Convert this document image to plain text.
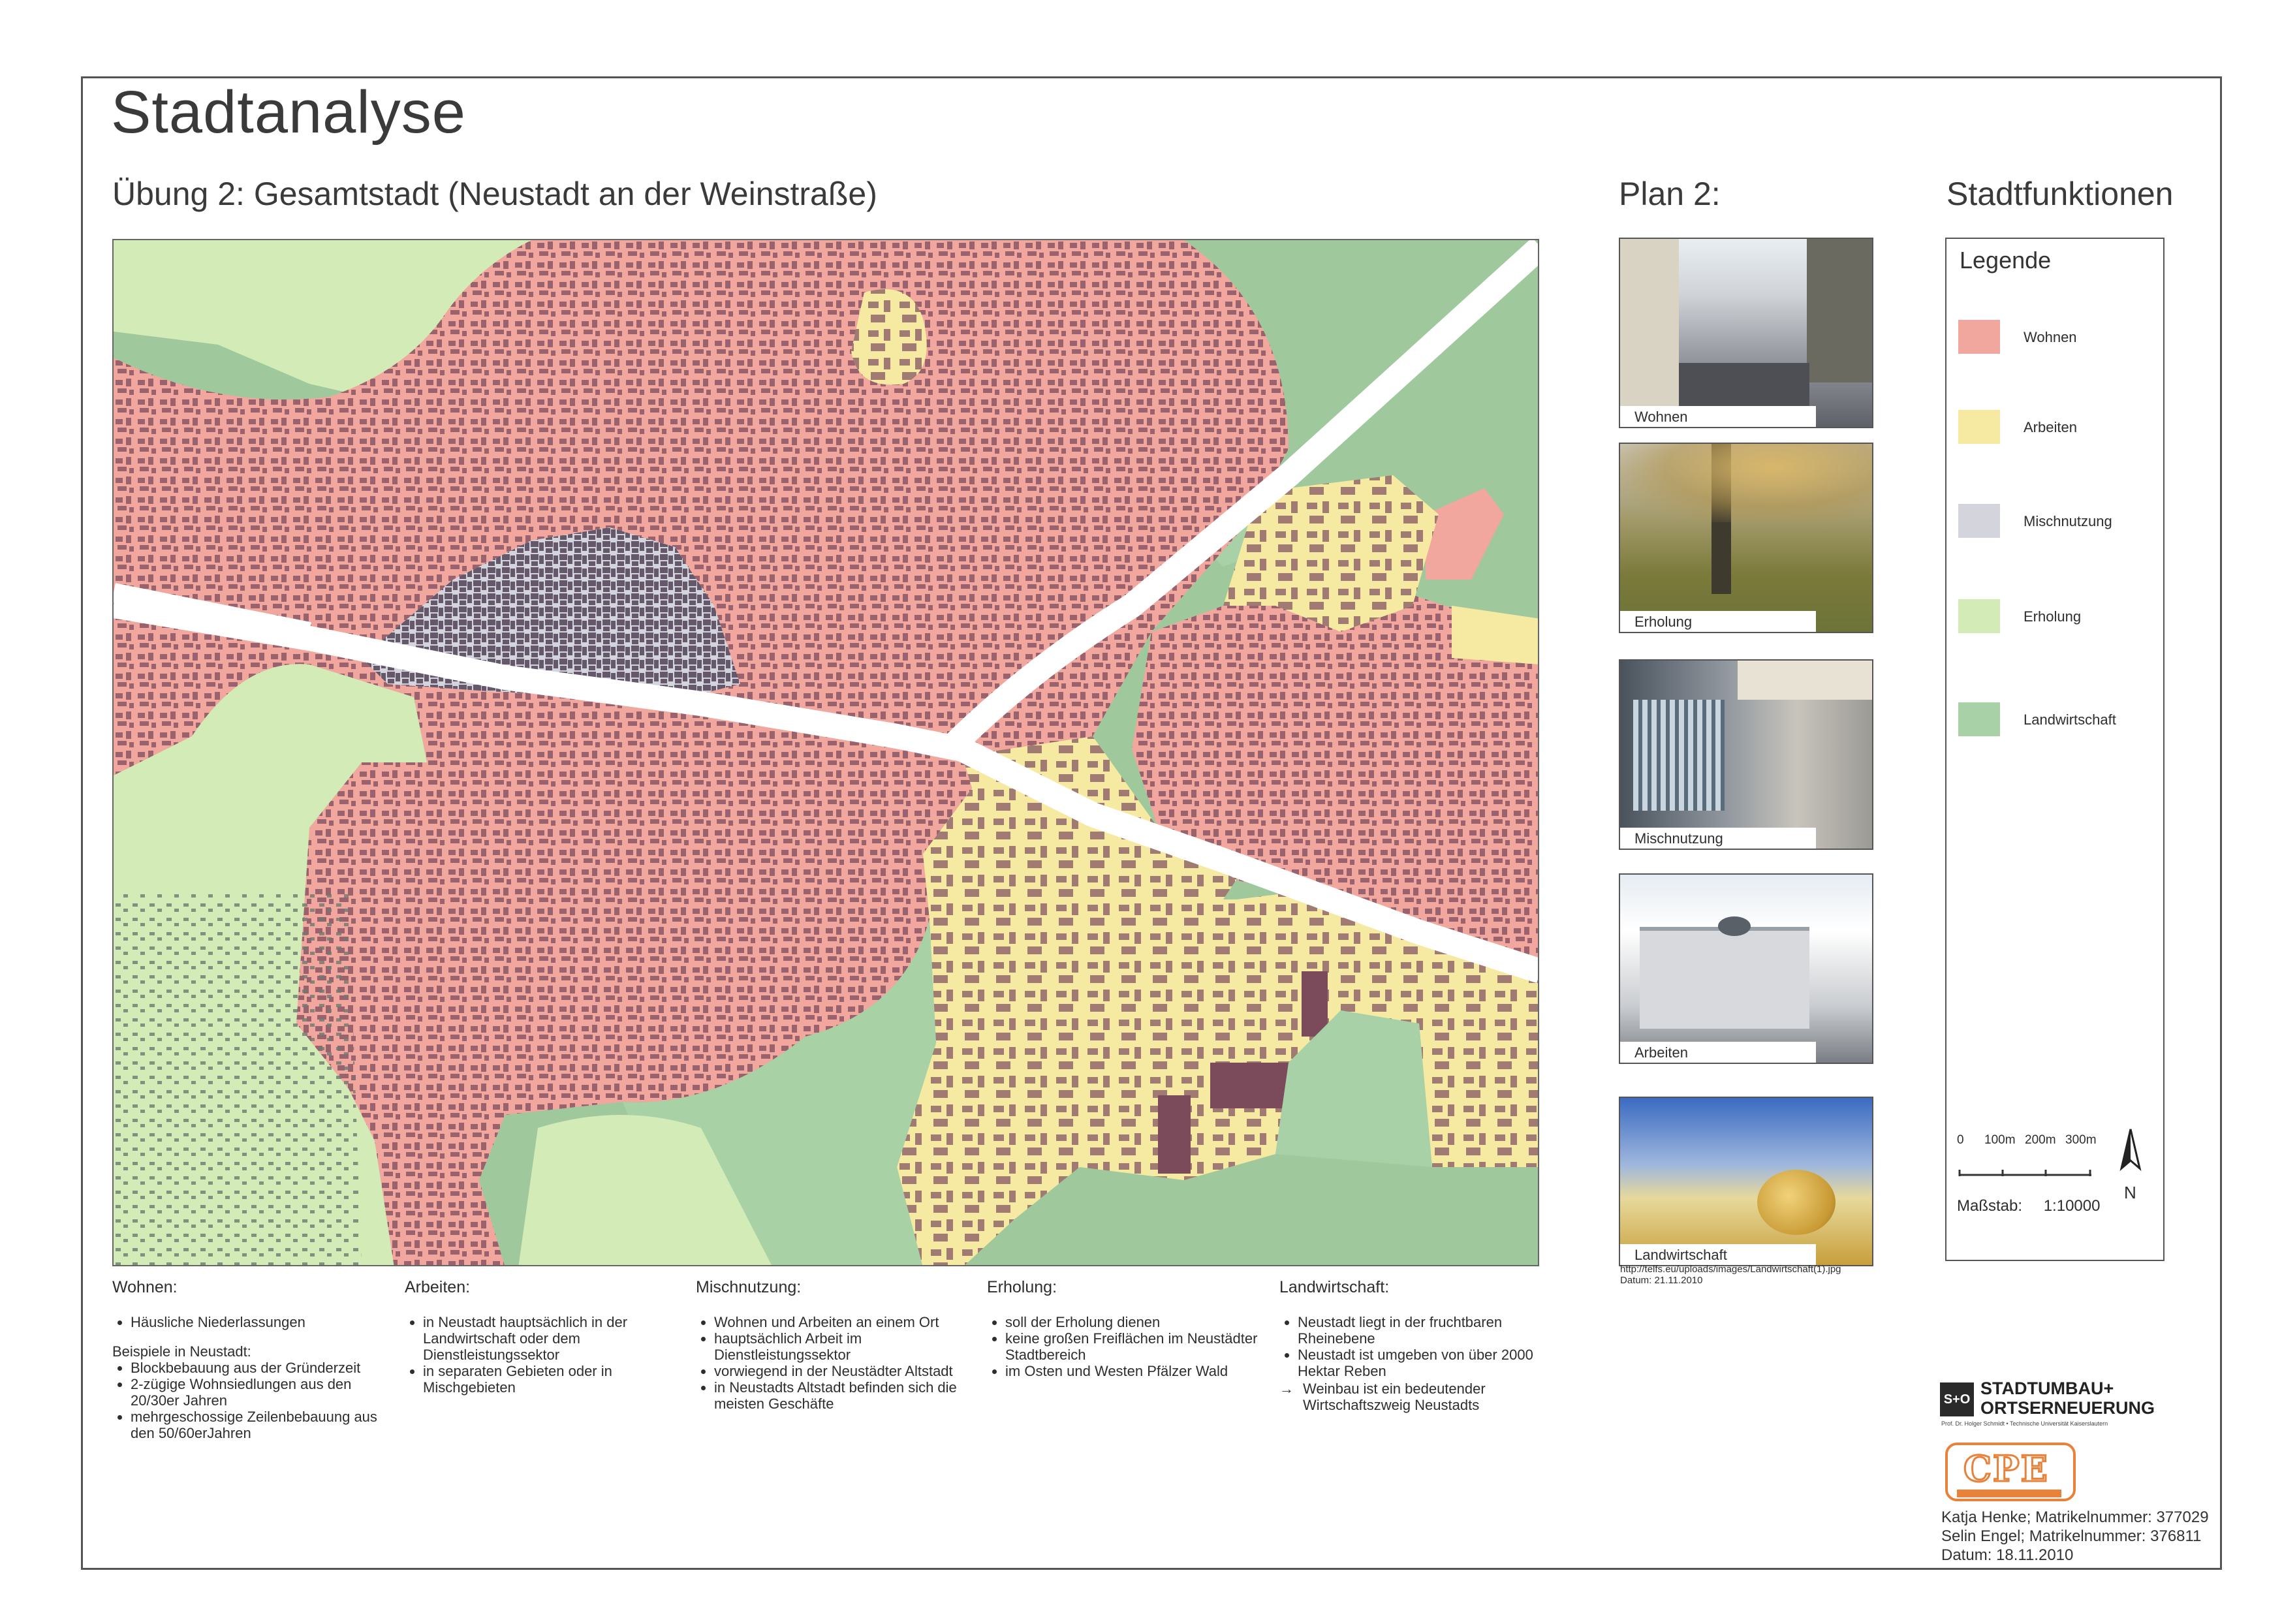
Stadtanalyse
Übung 2: Gesamtstadt (Neustadt an der Weinstraße)	Plan 2:	Stadtfunktionen
Wohnen
Erholung
Mischnutzung
Arbeiten
Landwirtschaft
http://telfs.eu/uploads/images/Landwirtschaft(1).jpg
Datum: 21.11.2010
Legende
Wohnen
Arbeiten
Mischnutzung
Erholung
Landwirtschaft
0 100m 200m 300m
N
Maßstab: 1:10000
Wohnen:
• Häusliche Niederlassungen

Beispiele in Neustadt:

• Blockbebauung aus der Gründerzeit
• 2-zügige Wohnsiedlungen aus den 20/30er Jahren
• mehrgeschossige Zeilenbebauung aus den 50/60erJahren
Arbeiten:
• in Neustadt hauptsächlich in der Landwirtschaft oder dem Dienstleistungssektor
• in separaten Gebieten oder in Mischgebieten
Mischnutzung:
• Wohnen und Arbeiten an einem Ort
• hauptsächlich Arbeit im Dienstleistungssektor
• vorwiegend in der Neustädter Altstadt
• in Neustadts Altstadt befinden sich die meisten Geschäfte
Erholung:
• soll der Erholung dienen
• keine großen Freiflächen im Neustädter Stadtbereich
• im Osten und Westen Pfälzer Wald
Landwirtschaft:
• Neustadt liegt in der fruchtbaren Rheinebene
• Neustadt ist umgeben von über 2000 Hektar Reben
→ Weinbau ist ein bedeutender Wirtschaftszweig Neustadts	S+O
STADTUMBAU+ ORTSERNEUERUNG
Prof. Dr. Holger Schmidt • Technische Universität Kaiserslautern
CPE
Katja Henke; Matrikelnummer: 377029
Selin Engel; Matrikelnummer: 376811
Datum: 18.11.2010
